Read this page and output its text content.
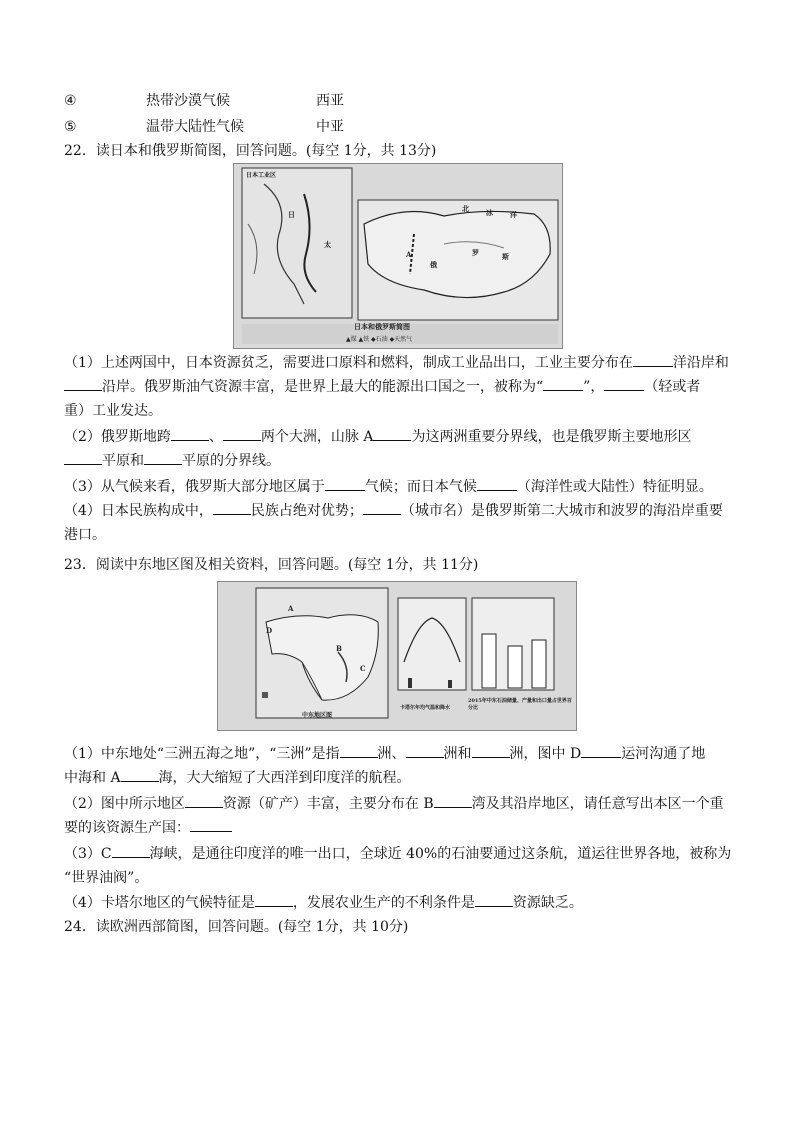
④	热带沙漠气候	西亚
⑤	温带大陆性气候	中亚
22．读日本和俄罗斯简图，回答问题。(每空 1分，共 13分)
日本工业区
日
太
北 冰 洋
俄
罗	斯
A
日本和俄罗斯简图
▲煤 ▲铁 ◆石油 ◆天然气
（1）上述两国中，日本资源贫乏，需要进口原料和燃料，制成工业品出口，工业主要分布在	洋沿岸和
沿岸。俄罗斯油气资源丰富，是世界上最大的能源出口国之一，被称为“	”，	（轻或者
重）工业发达。
（2）俄罗斯地跨	、	两个大洲，山脉 A	为这两洲重要分界线，也是俄罗斯主要地形区
平原和	平原的分界线。
（3）从气候来看，俄罗斯大部分地区属于	气候；而日本气候	（海洋性或大陆性）特征明显。
（4）日本民族构成中，	民族占绝对优势；	（城市名）是俄罗斯第二大城市和波罗的海沿岸重要
港口。
23．阅读中东地区图及相关资料，回答问题。(每空 1分，共 11分)
D
A
B
C
中东地区图
卡塔尔年均气温和降水
2015年中东石油储量、产量和出口量占世界百分比
（1）中东地处“三洲五海之地”，“三洲”是指	洲、	洲和	洲，图中 D	运河沟通了地
中海和 A	海，大大缩短了大西洋到印度洋的航程。
（2）图中所示地区	资源（矿产）丰富，主要分布在 B	湾及其沿岸地区，请任意写出本区一个重
要的该资源生产国：
（3）C	海峡，是通往印度洋的唯一出口，全球近 40%的石油要通过这条航，道运往世界各地，被称为
“世界油阀”。
（4）卡塔尔地区的气候特征是	，发展农业生产的不利条件是	资源缺乏。
24．读欧洲西部简图，回答问题。(每空 1分，共 10分)
